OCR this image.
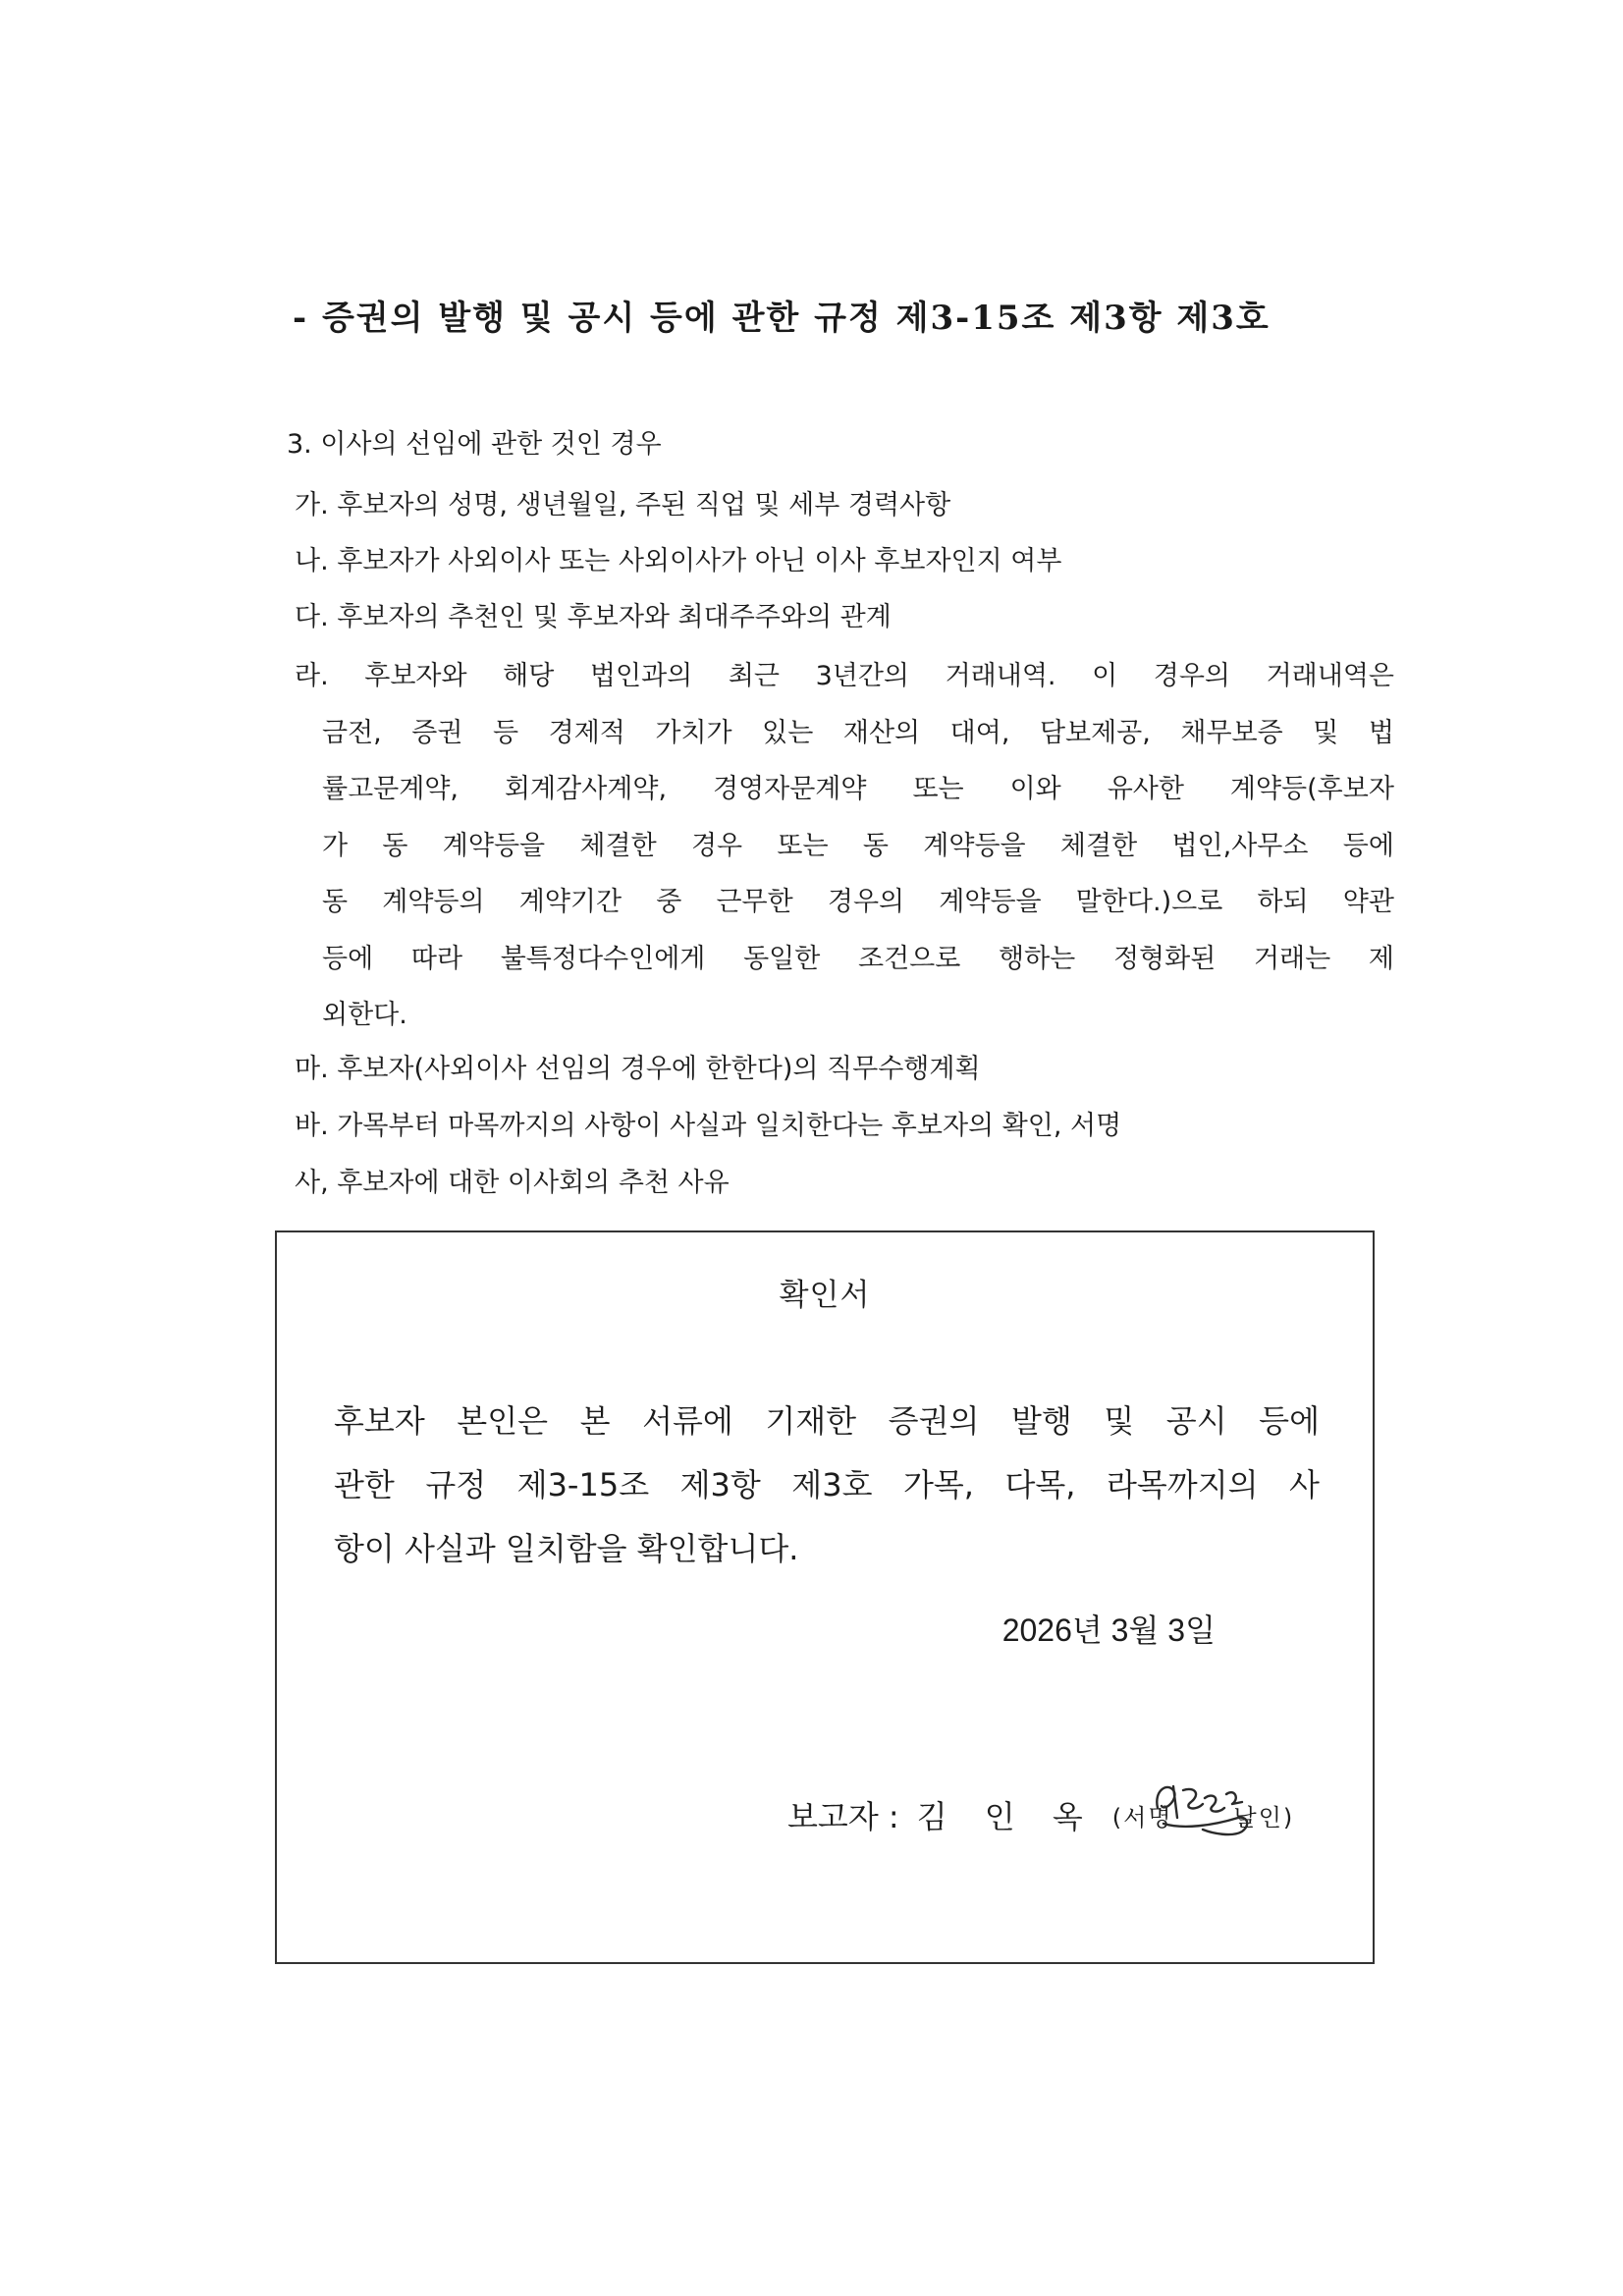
- 증권의 발행 및 공시 등에 관한 규정 제3-15조 제3항 제3호
3. 이사의 선임에 관한 것인 경우
가. 후보자의 성명, 생년월일, 주된 직업 및 세부 경력사항
나. 후보자가 사외이사 또는 사외이사가 아닌 이사 후보자인지 여부
다. 후보자의 추천인 및 후보자와 최대주주와의 관계
라. 후보자와 해당 법인과의 최근 3년간의 거래내역. 이 경우의 거래내역은
금전, 증권 등 경제적 가치가 있는 재산의 대여, 담보제공, 채무보증 및 법
률고문계약, 회계감사계약, 경영자문계약 또는 이와 유사한 계약등(후보자
가 동 계약등을 체결한 경우 또는 동 계약등을 체결한 법인,사무소 등에
동 계약등의 계약기간 중 근무한 경우의 계약등을 말한다.)으로 하되 약관
등에 따라 불특정다수인에게 동일한 조건으로 행하는 정형화된 거래는 제
외한다.
마. 후보자(사외이사 선임의 경우에 한한다)의 직무수행계획
바. 가목부터 마목까지의 사항이 사실과 일치한다는 후보자의 확인, 서명
사, 후보자에 대한 이사회의 추천 사유
확인서
후보자 본인은 본 서류에 기재한 증권의 발행 및 공시 등에
관한 규정 제3-15조 제3항 제3호 가목, 다목, 라목까지의 사
항이 사실과 일치함을 확인합니다.
2026년 3월 3일
보고자 : 김 인 옥 (서명	날인)
